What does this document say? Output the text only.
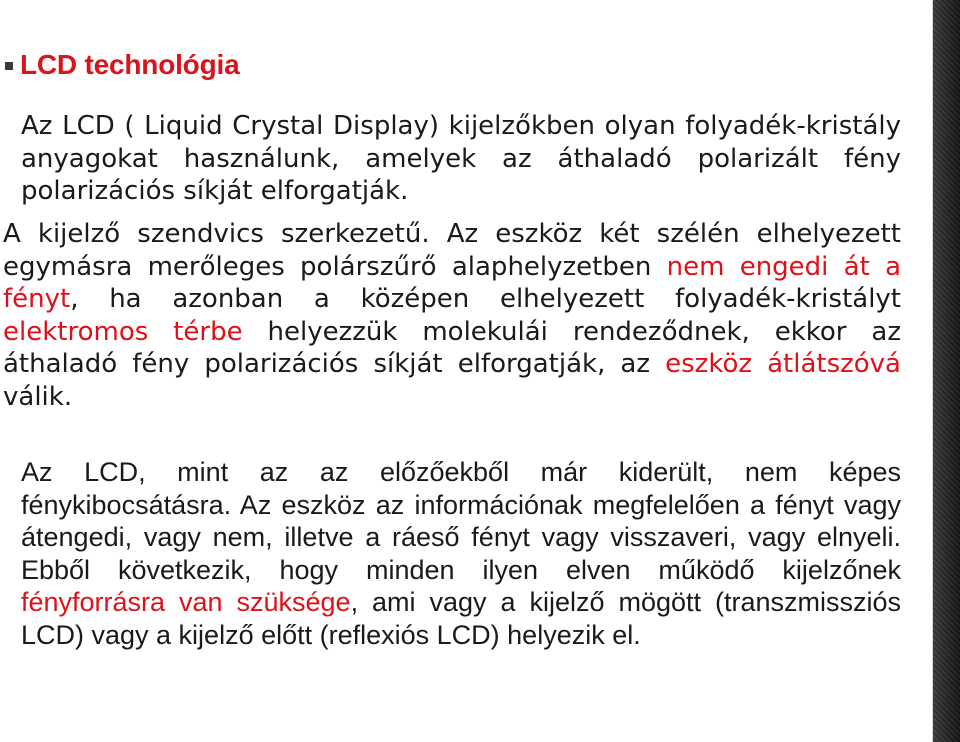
LCD technológia

Az LCD ( Liquid Crystal Display) kijelzőkben olyan folyadék-kristály anyagokat használunk, amelyek az áthaladó polarizált fény polarizációs síkját elforgatják.

A kijelző szendvics szerkezetű. Az eszköz két szélén elhelyezett egymásra merőleges polárszűrő alaphelyzetben nem engedi át a fényt, ha azonban a középen elhelyezett folyadék-kristályt elektromos térbe helyezzük molekulái rendeződnek, ekkor az áthaladó fény polarizációs síkját elforgatják, az eszköz átlátszóvá válik.

Az LCD, mint az az előzőekből már kiderült, nem képes fénykibocsátásra. Az eszköz az információnak megfelelően a fényt vagy átengedi, vagy nem, illetve a ráeső fényt vagy visszaveri, vagy elnyeli. Ebből következik, hogy minden ilyen elven működő kijelzőnek fényforrásra van szüksége, ami vagy a kijelző mögött (transzmissziós LCD) vagy a kijelző előtt (reflexiós LCD) helyezik el.
